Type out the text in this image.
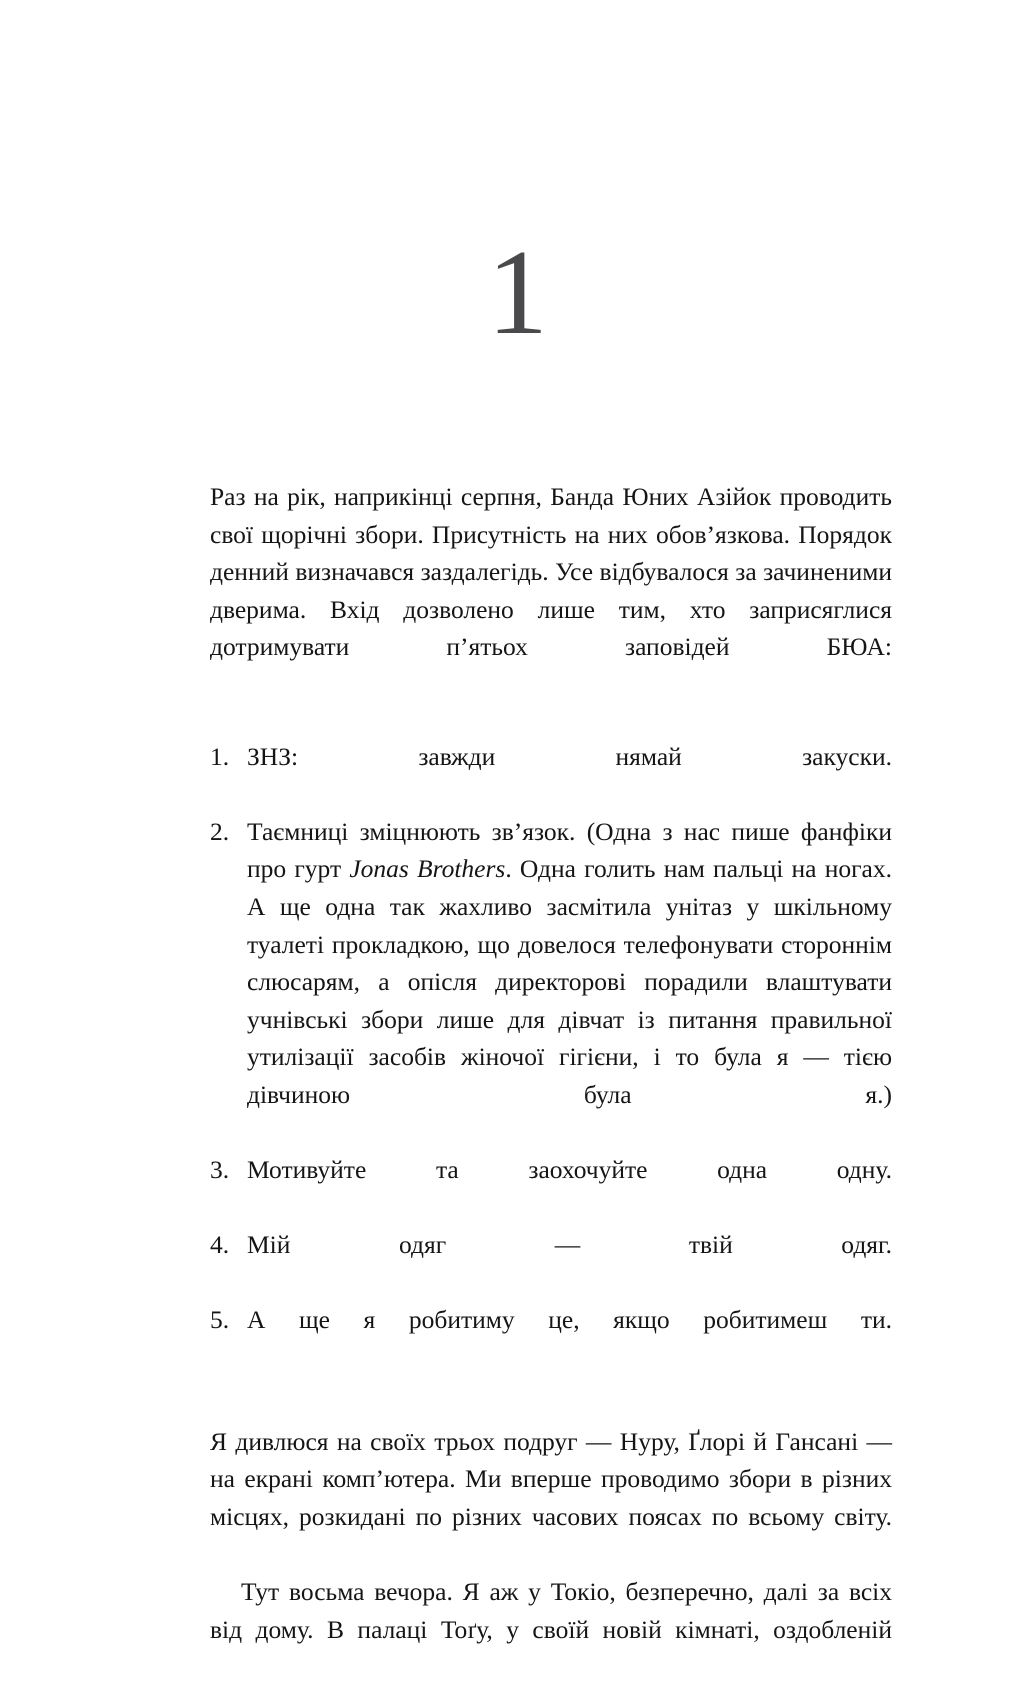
1

Раз на рік, наприкінці серпня, Банда Юних Азійок проводить свої щорічні збори. Присутність на них обов’язкова. Порядок денний визначався заздалегідь. Усе відбувалося за зачиненими дверима. Вхід дозволено лише тим, хто заприсяглися дотримувати п’ятьох заповідей БЮА:

1. ЗНЗ: завжди нямай закуски.
2. Таємниці зміцнюють зв’язок. (Одна з нас пише фанфіки про гурт Jonas Brothers. Одна голить нам пальці на ногах. А ще одна так жахливо засмітила унітаз у шкільному туалеті прокладкою, що довелося телефонувати стороннім слюсарям, а опісля директорові порадили влаштувати учнівські збори лише для дівчат із питання правильної утилізації засобів жіночої гігієни, і то була я — тією дівчиною була я.)
3. Мотивуйте та заохочуйте одна одну.
4. Мій одяг — твій одяг.
5. А ще я робитиму це, якщо робитимеш ти.

Я дивлюся на своїх трьох подруг — Нуру, Ґлорі й Гансані — на екрані комп’ютера. Ми вперше проводимо збори в різних місцях, розкидані по різних часових поясах по всьому світу.

Тут восьма вечора. Я аж у Токіо, безперечно, далі за всіх від дому. В палаці Тоґу, у своїй новій кімнаті, оздобленій
